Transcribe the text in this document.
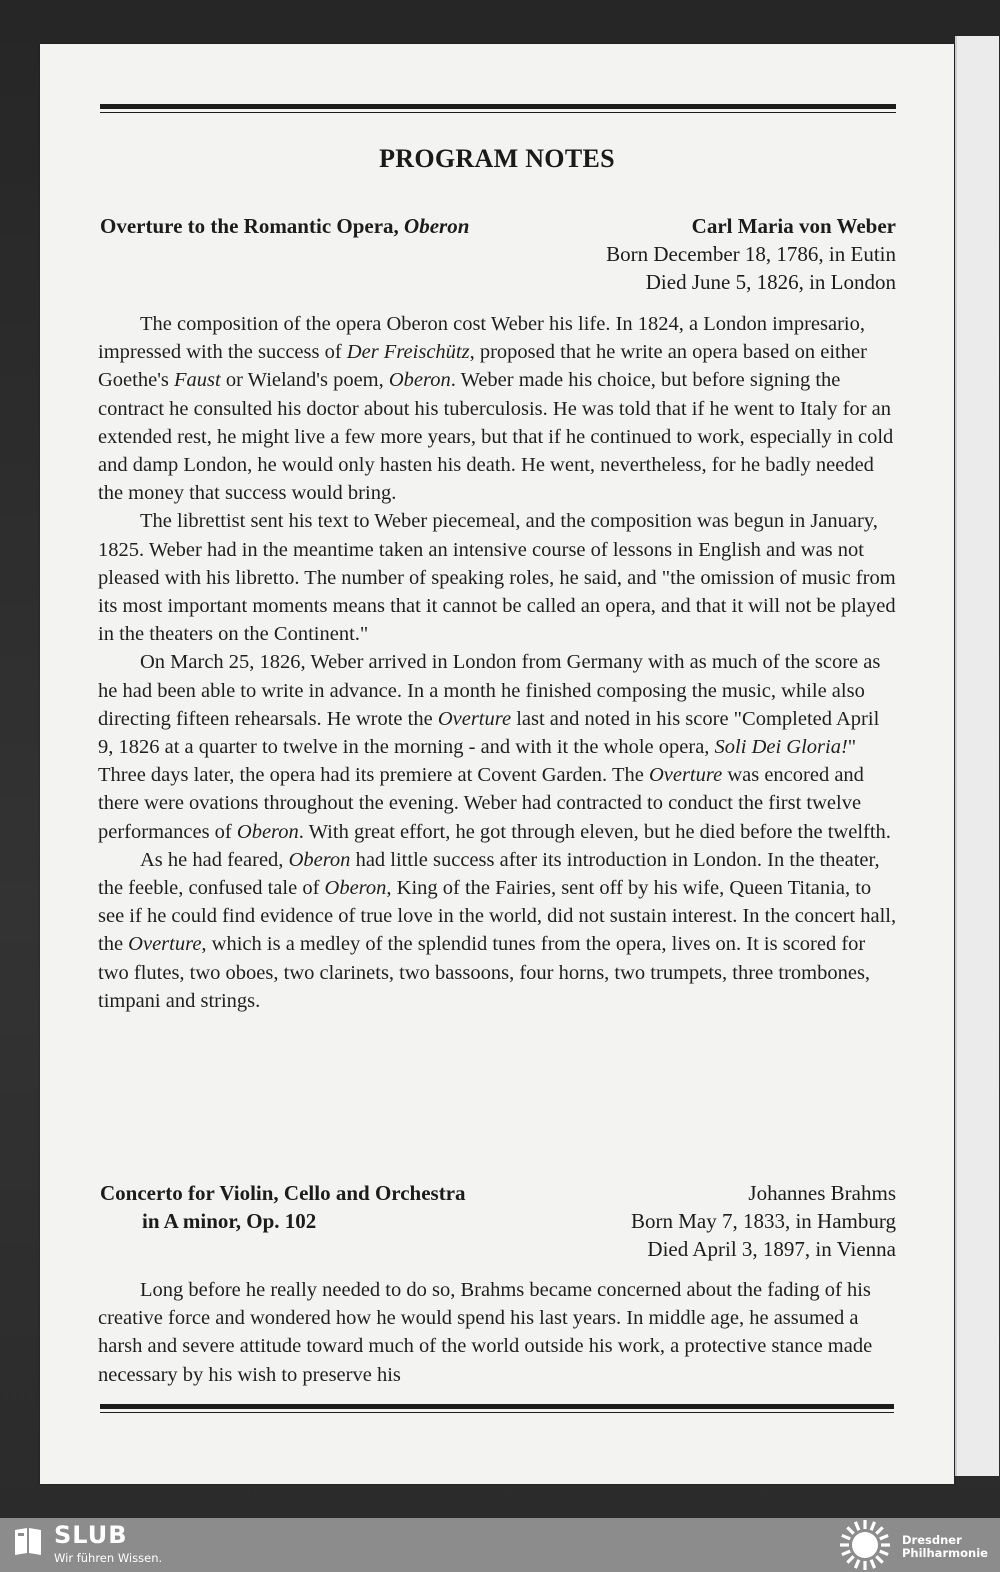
PROGRAM NOTES
Overture to the Romantic Opera, Oberon	Carl Maria von Weber
Born December 18, 1786, in Eutin
Died June 5, 1826, in London

The composition of the opera Oberon cost Weber his life. In 1824, a London impresario, impressed with the success of Der Freischütz, proposed that he write an opera based on either Goethe's Faust or Wieland's poem, Oberon. Weber made his choice, but before signing the contract he consulted his doctor about his tuberculosis. He was told that if he went to Italy for an extended rest, he might live a few more years, but that if he continued to work, especially in cold and damp London, he would only hasten his death. He went, nevertheless, for he badly needed the money that success would bring.

The librettist sent his text to Weber piecemeal, and the composition was begun in January, 1825. Weber had in the meantime taken an intensive course of lessons in English and was not pleased with his libretto. The number of speaking roles, he said, and "the omission of music from its most important moments means that it cannot be called an opera, and that it will not be played in the theaters on the Continent."

On March 25, 1826, Weber arrived in London from Germany with as much of the score as he had been able to write in advance. In a month he finished composing the music, while also directing fifteen rehearsals. He wrote the Overture last and noted in his score "Completed April 9, 1826 at a quarter to twelve in the morning - and with it the whole opera, Soli Dei Gloria!" Three days later, the opera had its premiere at Covent Garden. The Overture was encored and there were ovations throughout the evening. Weber had contracted to conduct the first twelve performances of Oberon. With great effort, he got through eleven, but he died before the twelfth.

As he had feared, Oberon had little success after its introduction in London. In the theater, the feeble, confused tale of Oberon, King of the Fairies, sent off by his wife, Queen Titania, to see if he could find evidence of true love in the world, did not sustain interest. In the concert hall, the Overture, which is a medley of the splendid tunes from the opera, lives on. It is scored for two flutes, two oboes, two clarinets, two bassoons, four horns, two trumpets, three trombones, timpani and strings.

Concerto for Violin, Cello and Orchestra
in A minor, Op. 102
Johannes Brahms
Born May 7, 1833, in Hamburg
Died April 3, 1897, in Vienna

Long before he really needed to do so, Brahms became concerned about the fading of his creative force and wondered how he would spend his last years. In middle age, he assumed a harsh and severe attitude toward much of the world outside his work, a protective stance made necessary by his wish to preserve his

SLUB
Wir führen Wissen.
Dresdner
Philharmonie
